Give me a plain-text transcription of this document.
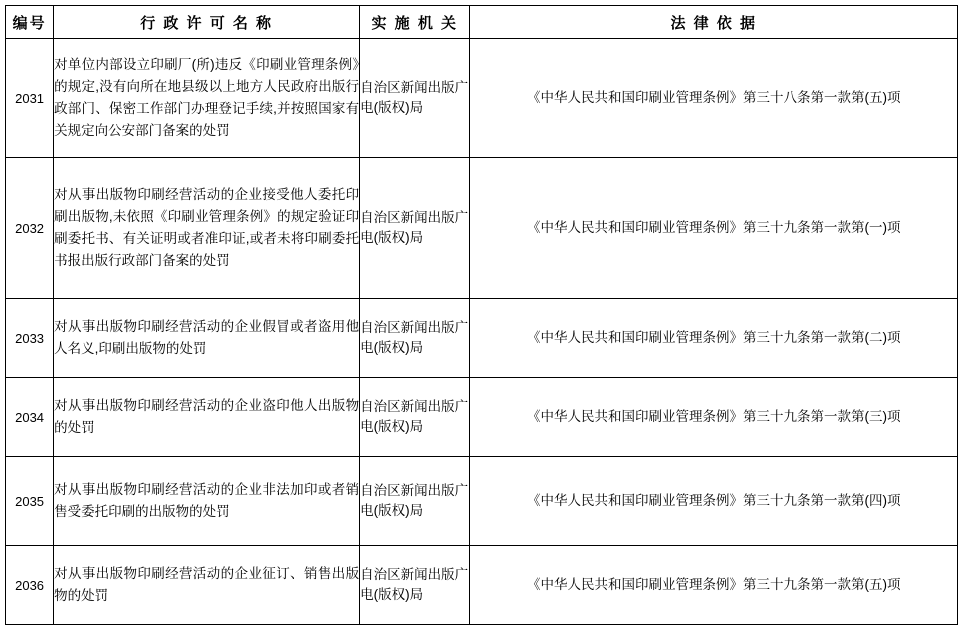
编号	行 政 许 可 名 称	实 施 机 关	法 律 依 据
2031	对单位内部设立印刷厂(所)违反《印刷业管理条例》的规定,没有向所在地县级以上地方人民政府出版行政部门、保密工作部门办理登记手续,并按照国家有关规定向公安部门备案的处罚	自治区新闻出版广电(版权)局	《中华人民共和国印刷业管理条例》第三十八条第一款第(五)项
2032	对从事出版物印刷经营活动的企业接受他人委托印刷出版物,未依照《印刷业管理条例》的规定验证印刷委托书、有关证明或者准印证,或者未将印刷委托书报出版行政部门备案的处罚	自治区新闻出版广电(版权)局	《中华人民共和国印刷业管理条例》第三十九条第一款第(一)项
2033	对从事出版物印刷经营活动的企业假冒或者盗用他人名义,印刷出版物的处罚	自治区新闻出版广电(版权)局	《中华人民共和国印刷业管理条例》第三十九条第一款第(二)项
2034	对从事出版物印刷经营活动的企业盗印他人出版物的处罚	自治区新闻出版广电(版权)局	《中华人民共和国印刷业管理条例》第三十九条第一款第(三)项
2035	对从事出版物印刷经营活动的企业非法加印或者销售受委托印刷的出版物的处罚	自治区新闻出版广电(版权)局	《中华人民共和国印刷业管理条例》第三十九条第一款第(四)项
2036	对从事出版物印刷经营活动的企业征订、销售出版物的处罚	自治区新闻出版广电(版权)局	《中华人民共和国印刷业管理条例》第三十九条第一款第(五)项
